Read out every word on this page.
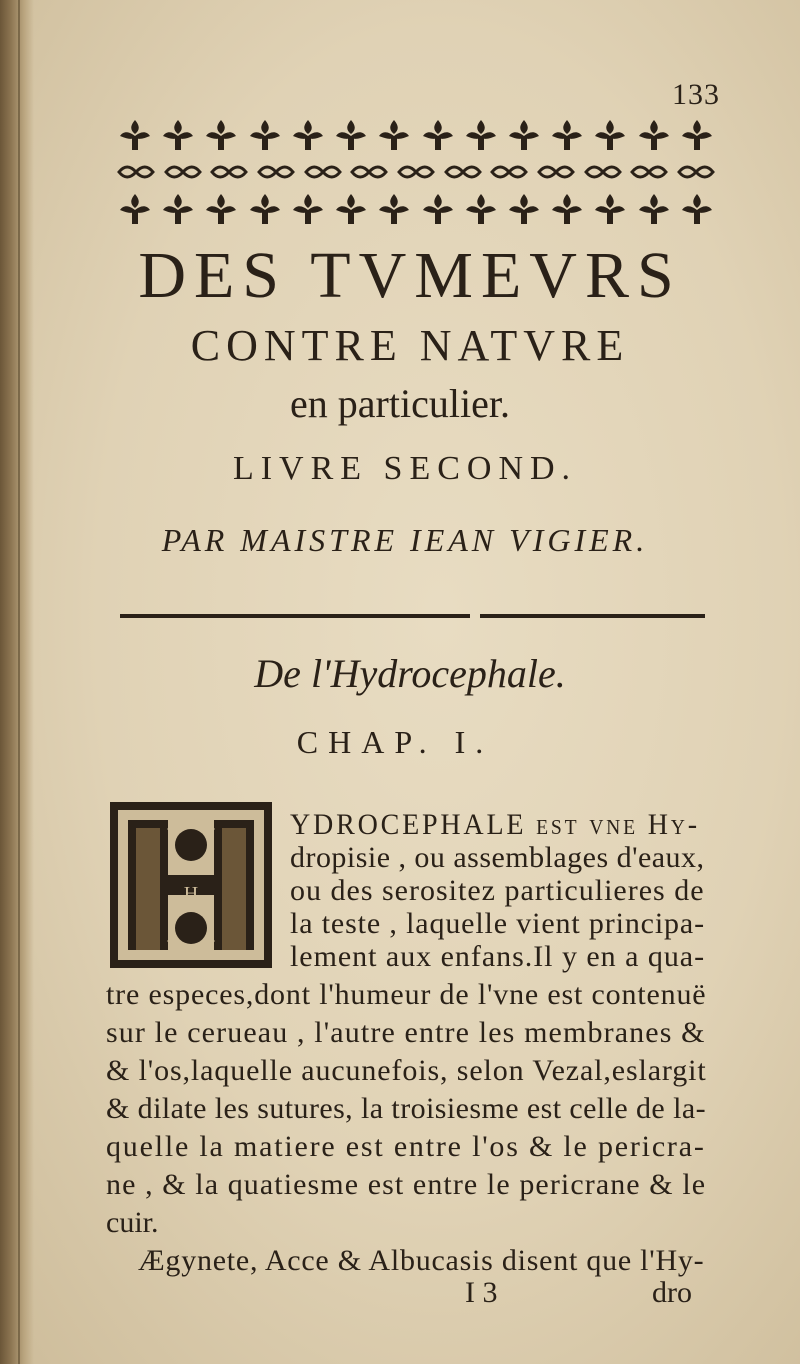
133
DES TVMEVRS
CONTRE NATVRE
en particulier.
LIVRE SECOND.
PAR MAISTRE IEAN VIGIER.
De l'Hydrocephale.
CHAP. I.
H
YDROCEPHALE est vne Hy-
dropisie , ou assemblages d'eaux,
ou des serositez particulieres de
la teste , laquelle vient principa-
lement aux enfans.Il y en a qua-
tre especes,dont l'humeur de l'vne est contenuë
sur le cerueau , l'autre entre les membranes &
& l'os,laquelle aucunefois, selon Vezal,eslargit
& dilate les sutures, la troisiesme est celle de la-
quelle la matiere est entre l'os & le pericra-
ne , & la quatiesme est entre le pericrane & le
cuir.
Ægynete, Acce & Albucasis disent que l'Hy-
I 3	dro
